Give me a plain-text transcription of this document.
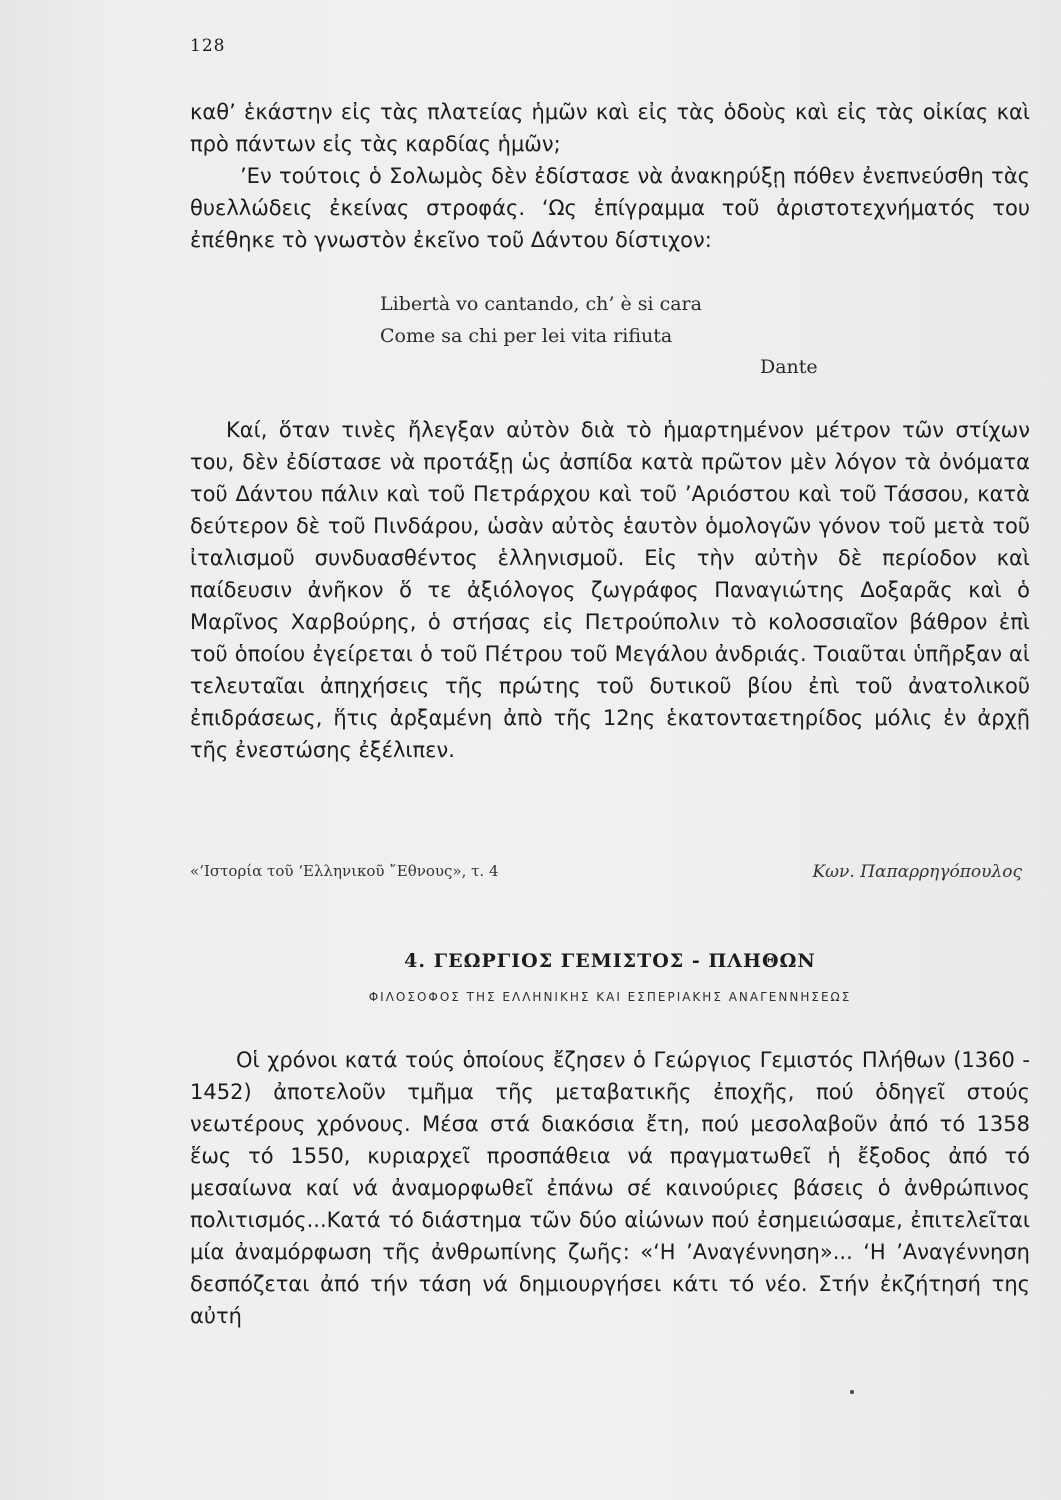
128
καθ’ ἑκάστην εἰς τὰς πλατείας ἡμῶν καὶ εἰς τὰς ὁδοὺς καὶ εἰς τὰς οἰκίας καὶ πρὸ πάντων εἰς τὰς καρδίας ἡμῶν;
’Εν τούτοις ὁ Σολωμὸς δὲν ἐδίστασε νὰ ἀνακηρύξῃ πόθεν ἐνεπνεύσθη τὰς θυελλώδεις ἐκείνας στροφάς. ‘Ως ἐπίγραμμα τοῦ ἀριστοτεχνήματός του ἐπέθηκε τὸ γνωστὸν ἐκεῖνο τοῦ Δάντου δίστιχον:
Libertà vo cantando, ch’ è si cara
Come sa chi per lei vita rifiuta
Dante
Καί, ὅταν τινὲς ἤλεγξαν αὐτὸν διὰ τὸ ἡμαρτημένον μέτρον τῶν στίχων του, δὲν ἐδίστασε νὰ προτάξῃ ὡς ἀσπίδα κατὰ πρῶτον μὲν λόγον τὰ ὀνόματα τοῦ Δάντου πάλιν καὶ τοῦ Πετράρχου καὶ τοῦ ’Αριόστου καὶ τοῦ Τάσσου, κατὰ δεύτερον δὲ τοῦ Πινδάρου, ὡσὰν αὐτὸς ἑαυτὸν ὁμολογῶν γόνον τοῦ μετὰ τοῦ ἰταλισμοῦ συνδυασθέντος ἑλληνισμοῦ. Εἰς τὴν αὐτὴν δὲ περίοδον καὶ παίδευσιν ἀνῆκον ὅ τε ἀξιόλογος ζωγράφος Παναγιώτης Δοξαρᾶς καὶ ὁ Μαρῖνος Χαρβούρης, ὁ στήσας εἰς Πετρούπολιν τὸ κολοσσιαῖον βάθρον ἐπὶ τοῦ ὁποίου ἐγείρεται ὁ τοῦ Πέτρου τοῦ Μεγάλου ἀνδριάς. Τοιαῦται ὑπῆρξαν αἱ τελευταῖαι ἀπηχήσεις τῆς πρώτης τοῦ δυτικοῦ βίου ἐπὶ τοῦ ἀνατολικοῦ ἐπιδράσεως, ἥτις ἀρξαμένη ἀπὸ τῆς 12ης ἑκατονταετηρίδος μόλις ἐν ἀρχῇ τῆς ἐνεστώσης ἐξέλιπεν.
«‘Ιστορία τοῦ ‘Ελληνικοῦ ῎Εθνους», τ. 4	Κων. Παπαρρηγόπουλος
4. ΓΕΩΡΓΙΟΣ ΓΕΜΙΣΤΟΣ - ΠΛΗΘΩΝ
ΦΙΛΟΣΟΦΟΣ ΤΗΣ ΕΛΛΗΝΙΚΗΣ ΚΑΙ ΕΣΠΕΡΙΑΚΗΣ ΑΝΑΓΕΝΝΗΣΕΩΣ
Οἱ χρόνοι κατά τούς ὁποίους ἔζησεν ὁ Γεώργιος Γεμιστός Πλήθων (1360 - 1452) ἀποτελοῦν τμῆμα τῆς μεταβατικῆς ἐποχῆς, πού ὁδηγεῖ στούς νεωτέρους χρόνους. Μέσα στά διακόσια ἔτη, πού μεσολαβοῦν ἀπό τό 1358 ἕως τό 1550, κυριαρχεῖ προσπάθεια νά πραγματωθεῖ ἡ ἔξοδος ἀπό τό μεσαίωνα καί νά ἀναμορφωθεῖ ἐπάνω σέ καινούριες βάσεις ὁ ἀνθρώπινος πολιτισμός...Κατά τό διάστημα τῶν δύο αἰώνων πού ἐσημειώσαμε, ἐπιτελεῖται μία ἀναμόρφωση τῆς ἀνθρωπίνης ζωῆς: «‘Η ’Αναγέννηση»... ‘Η ’Αναγέννηση δεσπόζεται ἀπό τήν τάση νά δημιουργήσει κάτι τό νέο. Στήν ἐκζήτησή της αὐτή
